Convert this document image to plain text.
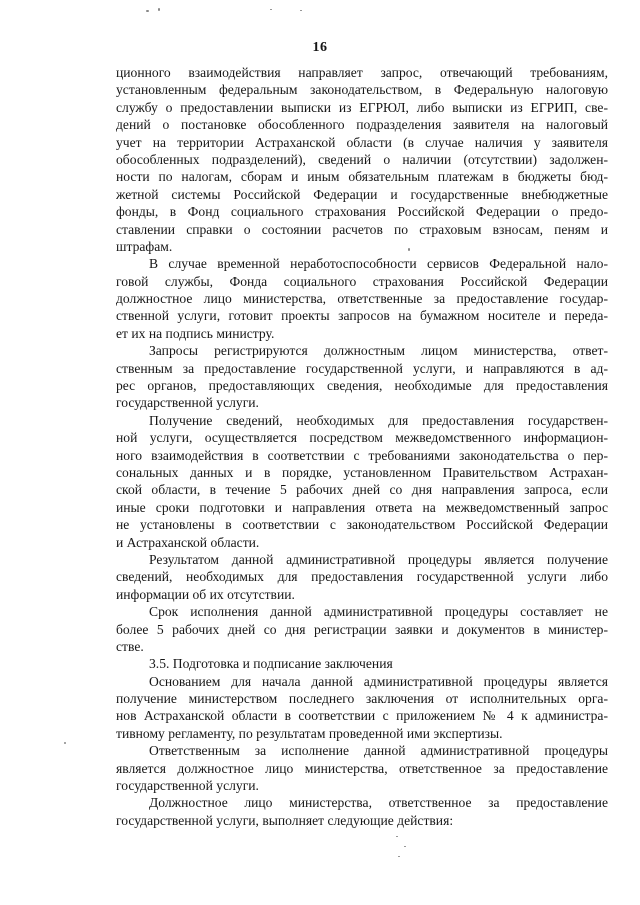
16
ционного взаимодействия направляет запрос, отвечающий требованиям,
установленным федеральным законодательством, в Федеральную налоговую
службу о предоставлении выписки из ЕГРЮЛ, либо выписки из ЕГРИП, све-
дений о постановке обособленного подразделения заявителя на налоговый
учет на территории Астраханской области (в случае наличия у заявителя
обособленных подразделений), сведений о наличии (отсутствии) задолжен-
ности по налогам, сборам и иным обязательным платежам в бюджеты бюд-
жетной системы Российской Федерации и государственные внебюджетные
фонды, в Фонд социального страхования Российской Федерации о предо-
ставлении справки о состоянии расчетов по страховым взносам, пеням и
штрафам.
В случае временной неработоспособности сервисов Федеральной нало-
говой службы, Фонда социального страхования Российской Федерации
должностное лицо министерства, ответственные за предоставление государ-
ственной услуги, готовит проекты запросов на бумажном носителе и переда-
ет их на подпись министру.
Запросы регистрируются должностным лицом министерства, ответ-
ственным за предоставление государственной услуги, и направляются в ад-
рес органов, предоставляющих сведения, необходимые для предоставления
государственной услуги.
Получение сведений, необходимых для предоставления государствен-
ной услуги, осуществляется посредством межведомственного информацион-
ного взаимодействия в соответствии с требованиями законодательства о пер-
сональных данных и в порядке, установленном Правительством Астрахан-
ской области, в течение 5 рабочих дней со дня направления запроса, если
иные сроки подготовки и направления ответа на межведомственный запрос
не установлены в соответствии с законодательством Российской Федерации
и Астраханской области.
Результатом данной административной процедуры является получение
сведений, необходимых для предоставления государственной услуги либо
информации об их отсутствии.
Срок исполнения данной административной процедуры составляет не
более 5 рабочих дней со дня регистрации заявки и документов в министер-
стве.
3.5. Подготовка и подписание заключения
Основанием для начала данной административной процедуры является
получение министерством последнего заключения от исполнительных орга-
нов Астраханской области в соответствии с приложением № 4 к администра-
тивному регламенту, по результатам проведенной ими экспертизы.
Ответственным за исполнение данной административной процедуры
является должностное лицо министерства, ответственное за предоставление
государственной услуги.
Должностное лицо министерства, ответственное за предоставление
государственной услуги, выполняет следующие действия:
